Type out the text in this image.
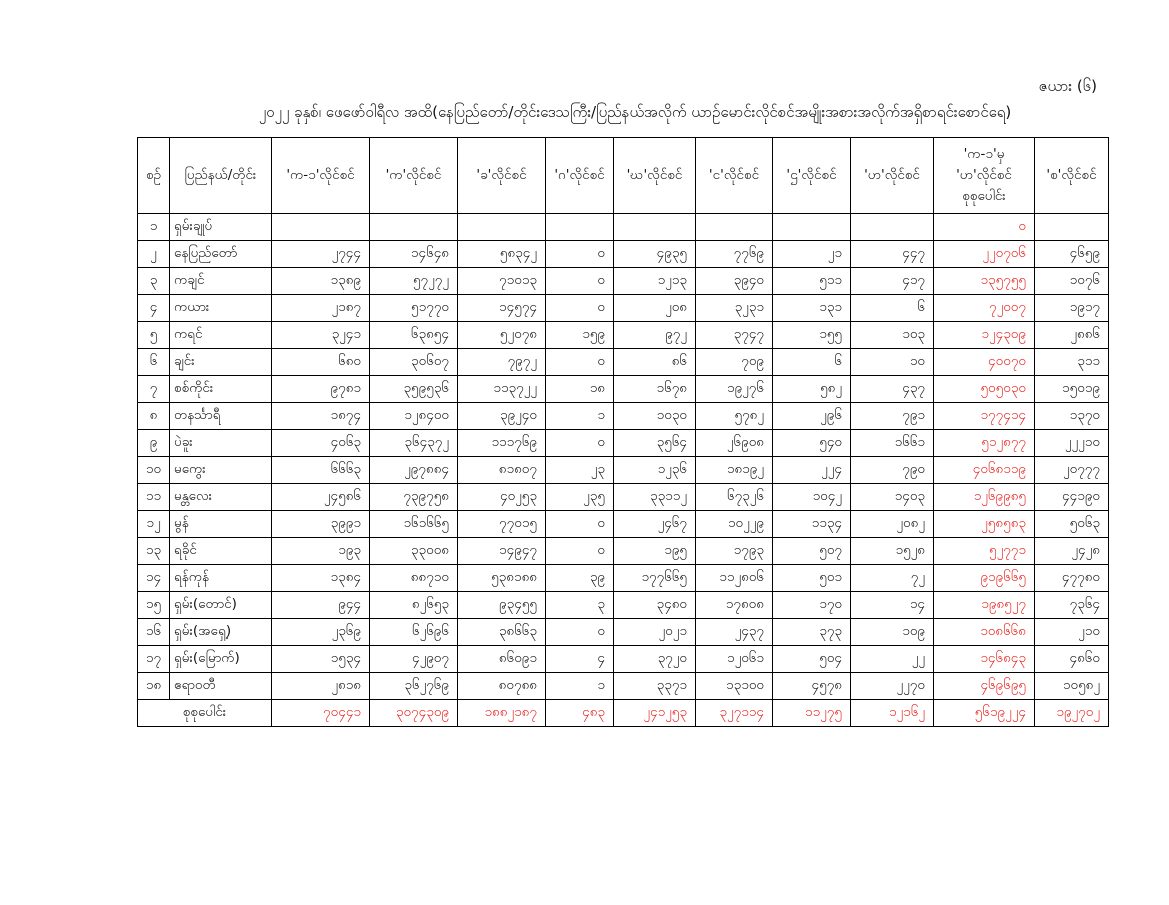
ဇယား (၆)
၂၀၂၂ ခုနှစ်၊ ဖေဖော်ဝါရီလ အထိ(နေပြည်တော်/တိုင်းဒေသကြီး/ပြည်နယ်အလိုက် ယာဉ်မောင်းလိုင်စင်အမျိုးအစားအလိုက်အရှိစာရင်းစောင်ရေ)
စဉ်	ပြည်နယ်/တိုင်း	'က-၁'လိုင်စင်	'က'လိုင်စင်	'ခ'လိုင်စင်	'ဂ'လိုင်စင်	'ဃ'လိုင်စင်	'င'လိုင်စင်	'ဌ'လိုင်စင်	'ဟ'လိုင်စင်	'က-၁'မှ 'ဟ'လိုင်စင် စုစုပေါင်း	'စ'လိုင်စင်
၁	ရှမ်းချုပ်									၀	
၂	နေပြည်တော်	၂၇၄၄	၁၄၆၄၈	၅၈၃၄၂	၀	၄၉၃၅	၇၇၆၉	၂၁	၄၄၇	၂၂၀၇၀၆	၄၆၅၉
၃	ကချင်	၁၃၈၉	၅၇၂၇၂	၇၁၀၁၃	၀	၁၂၁၃	၃၉၄၀	၅၁၁	၄၁၇	၁၃၅၇၅၅	၁၀၇၆
၄	ကယား	၂၁၈၇	၅၁၇၇၀	၁၄၅၇၄	၀	၂၀၈	၃၂၃၁	၁၃၁	၆	၇၂၀၀၇	၁၉၁၇
၅	ကရင်	၃၂၄၁	၆၃၈၅၄	၅၂၀၇၈	၁၅၉	၉၇၂	၃၇၄၇	၁၅၅	၁၀၃	၁၂၄၃၀၉	၂၈၈၆
၆	ချင်း	၆၈၀	၃၀၆၀၇	၇၉၇၂	၀	၈၆	၇၀၉	၆	၁၀	၄၀၀၇၀	၃၁၁
၇	စစ်ကိုင်း	၉၇၈၁	၃၅၉၅၃၆	၁၁၃၇၂၂	၁၈	၁၆၇၈	၁၉၂၇၆	၅၈၂	၄၃၇	၅၀၅၀၃၀	၁၅၀၁၉
၈	တနင်္သာရီ	၁၈၇၄	၁၂၈၄၀၀	၃၉၂၄၀	၁	၁၀၃၀	၅၇၈၂	၂၉၆	၇၉၁	၁၇၇၄၁၄	၁၃၇၀
၉	ပဲခူး	၄၀၆၃	၃၆၄၃၇၂	၁၁၁၇၆၉	၀	၃၅၆၄	၂၆၉၀၈	၅၄၀	၁၆၆၁	၅၁၂၈၇၇	၂၂၂၁၀
၁၀	မကွေး	၆၆၆၃	၂၉၇၈၈၄	၈၁၈၀၇	၂၃	၁၂၃၆	၁၈၁၉၂	၂၂၄	၇၉၀	၄၀၆၈၁၁၉	၂၀၇၇၇
၁၁	မန္တလေး	၂၄၅၈၆	၇၃၉၇၅၈	၄၀၂၅၃	၂၃၅	၃၃၁၁၂	၆၇၃၂၆	၁၀၄၂	၁၄၀၃	၁၂၆၉၉၈၅	၄၄၁၉၀
၁၂	မွန်	၃၉၉၁	၁၆၁၆၆၅	၇၇၀၁၅	၀	၂၄၆၇	၁၀၂၂၉	၁၁၃၄	၂၀၈၂	၂၅၈၅၈၃	၅၀၆၃
၁၃	ရခိုင်	၁၉၃	၃၃၀၀၈	၁၄၉၄၇	၀	၁၉၅	၁၇၉၃	၅၀၇	၁၅၂၈	၅၂၇၇၁	၂၄၂၈
၁၄	ရန်ကုန်	၁၃၈၄	၈၈၇၁၀	၅၃၈၁၈၈	၃၉	၁၇၇၆၆၅	၁၁၂၈၀၆	၅၀၁	၇၂	၉၁၉၆၆၅	၄၇၇၈၀
၁၅	ရှမ်း(တောင်)	၉၄၄	၈၂၆၅၃	၉၃၄၅၅	၃	၃၄၈၀	၁၇၈၀၈	၁၇၀	၁၄	၁၉၈၅၂၇	၇၃၆၄
၁၆	ရှမ်း(အရှေ့)	၂၃၆၉	၆၂၆၉၆	၃၈၆၆၃	၀	၂၀၂၁	၂၄၃၇	၃၇၃	၁၀၉	၁၀၈၆၆၈	၂၁၀
၁၇	ရှမ်း(မြောက်)	၁၅၃၄	၄၂၉၀၇	၈၆၀၉၁	၄	၃၇၂၀	၁၂၀၆၁	၅၀၄	၂၂	၁၄၆၈၄၃	၄၈၆၀
၁၈	ဧရာဝတီ	၂၈၁၈	၃၆၂၇၆၉	၈၀၇၈၈	၁	၃၃၇၁	၁၃၁၀၀	၄၅၇၈	၂၂၇၀	၄၆၉၆၉၅	၁၀၅၈၂
စုစုပေါင်း		၇၀၄၄၁	၃၀၇၄၃၀၉	၁၈၈၂၁၈၇	၄၈၃	၂၄၁၂၅၃	၃၂၇၁၁၄	၁၁၂၇၅	၁၂၁၆၂	၅၆၁၉၂၂၄	၁၉၂၇၀၂
